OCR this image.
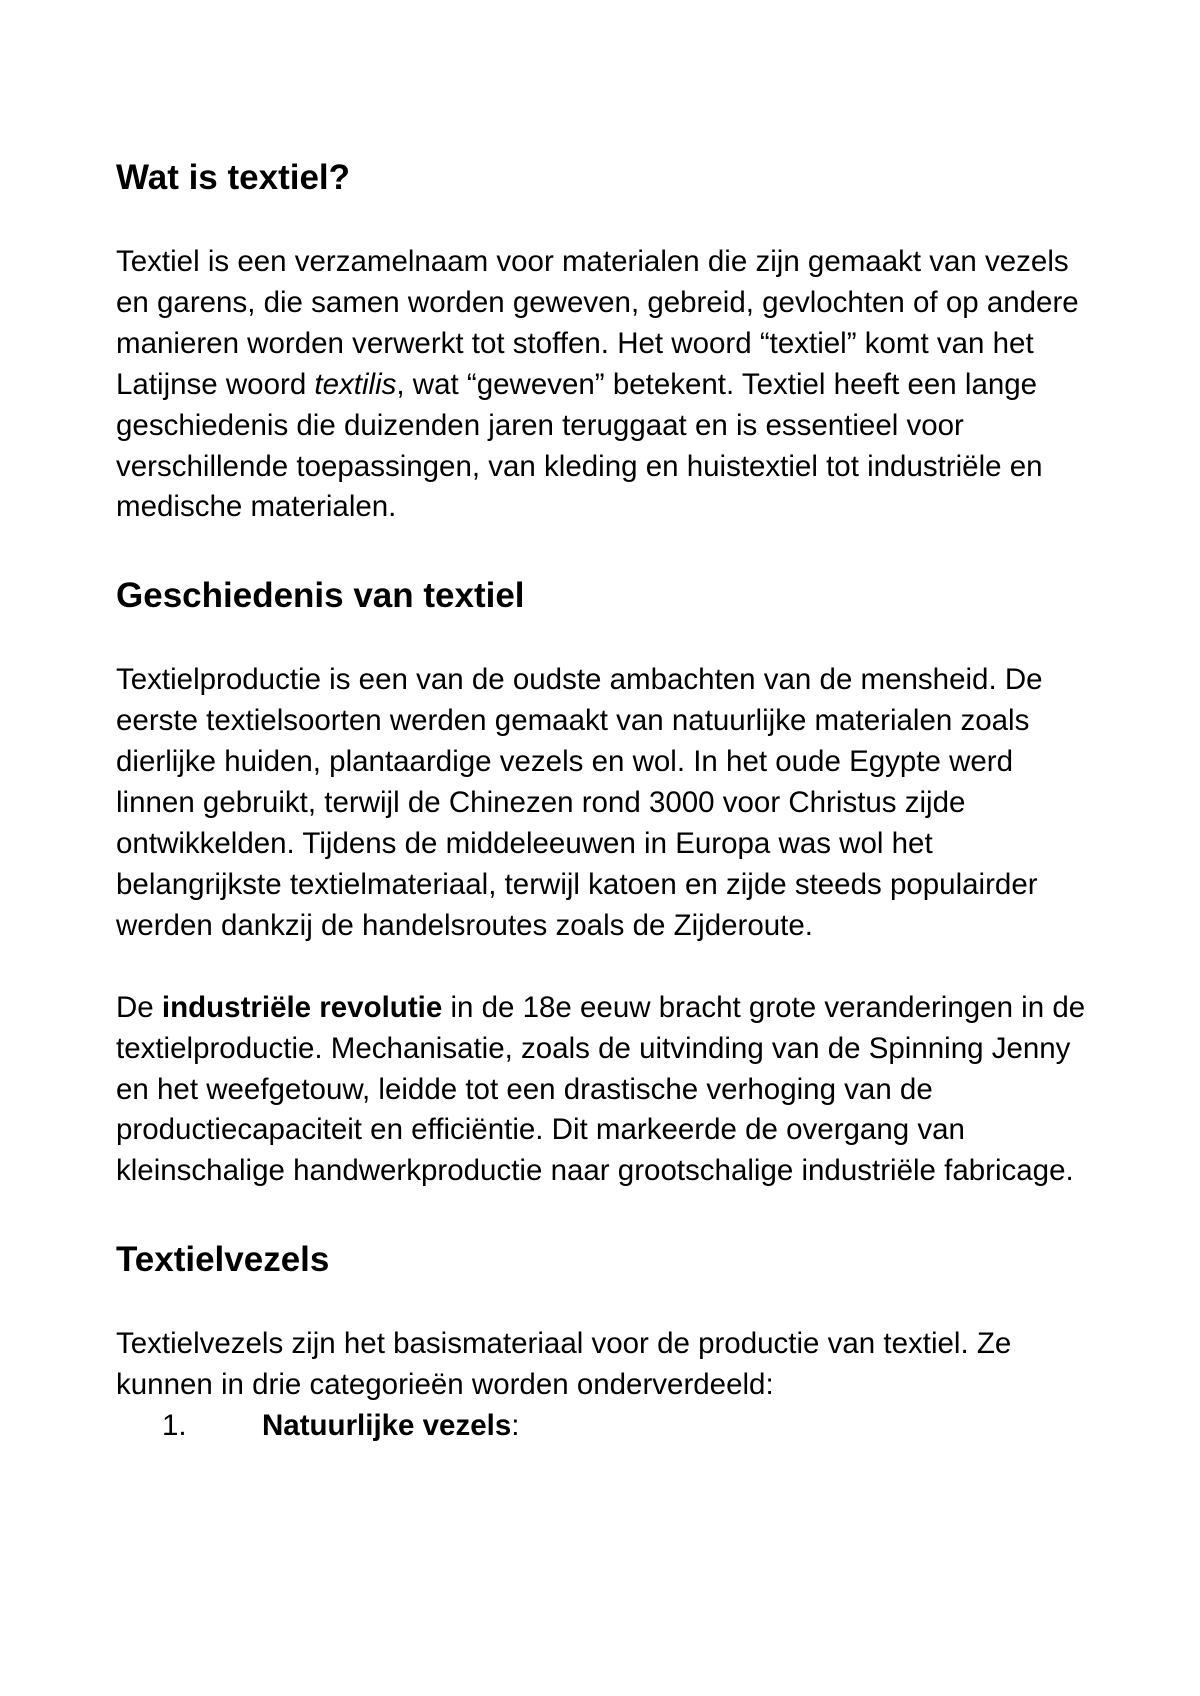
Wat is textiel?

Textiel is een verzamelnaam voor materialen die zijn gemaakt van vezels en garens, die samen worden geweven, gebreid, gevlochten of op andere manieren worden verwerkt tot stoffen. Het woord “textiel” komt van het Latijnse woord textilis, wat “geweven” betekent. Textiel heeft een lange geschiedenis die duizenden jaren teruggaat en is essentieel voor verschillende toepassingen, van kleding en huistextiel tot industriële en medische materialen.

Geschiedenis van textiel

Textielproductie is een van de oudste ambachten van de mensheid. De eerste textielsoorten werden gemaakt van natuurlijke materialen zoals dierlijke huiden, plantaardige vezels en wol. In het oude Egypte werd linnen gebruikt, terwijl de Chinezen rond 3000 voor Christus zijde ontwikkelden. Tijdens de middeleeuwen in Europa was wol het belangrijkste textielmateriaal, terwijl katoen en zijde steeds populairder werden dankzij de handelsroutes zoals de Zijderoute.

De industriële revolutie in de 18e eeuw bracht grote veranderingen in de textielproductie. Mechanisatie, zoals de uitvinding van de Spinning Jenny en het weefgetouw, leidde tot een drastische verhoging van de productiecapaciteit en efficiëntie. Dit markeerde de overgang van kleinschalige handwerkproductie naar grootschalige industriële fabricage.

Textielvezels

Textielvezels zijn het basismateriaal voor de productie van textiel. Ze kunnen in drie categorieën worden onderverdeeld:

1.	Natuurlijke vezels:
